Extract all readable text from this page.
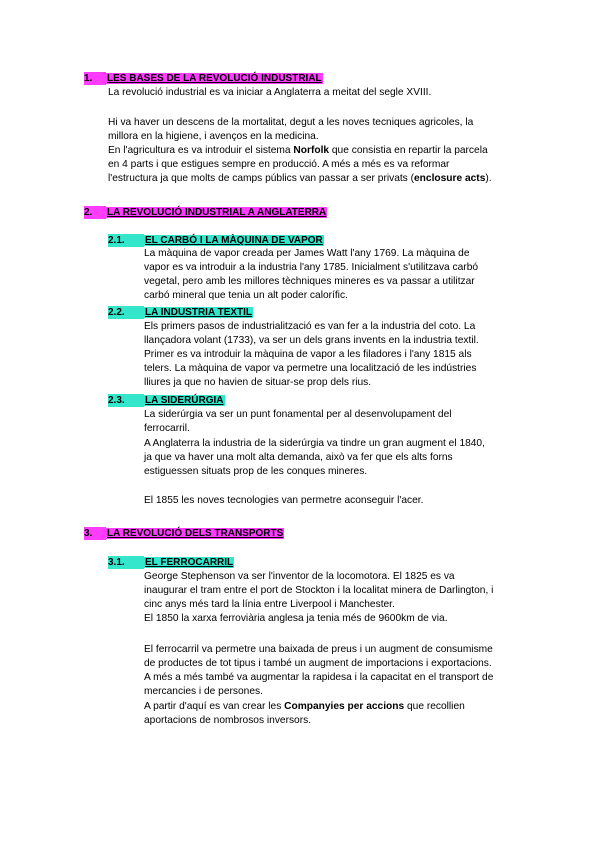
1. LES BASES DE LA REVOLUCIÓ INDUSTRIAL

La revolució industrial es va iniciar a Anglaterra a meitat del segle XVIII.

Hi va haver un descens de la mortalitat, degut a les noves tecniques agricoles, la

millora en la higiene, i avenços en la medicina.

En l'agricultura es va introduir el sistema Norfolk que consistia en repartir la parcela

en 4 parts i que estigues sempre en producció. A més a més es va reformar

l'estructura ja que molts de camps públics van passar a ser privats (enclosure acts).

2. LA REVOLUCIÓ INDUSTRIAL A ANGLATERRA
2.1. EL CARBÓ I LA MÀQUINA DE VAPOR

La màquina de vapor creada per James Watt l'any 1769. La màquina de

vapor es va introduir a la industria l'any 1785. Inicialment s'utilitzava carbó

vegetal, pero amb les millores tèchniques mineres es va passar a utilitzar

carbó mineral que tenia un alt poder calorífic.

2.2. LA INDUSTRIA TEXTIL

Els primers pasos de industrialització es van fer a la industria del coto. La

llançadora volant (1733), va ser un dels grans invents en la industria textil.

Primer es va introduir la màquina de vapor a les filadores i l'any 1815 als

telers. La màquina de vapor va permetre una localització de les indústries

lliures ja que no havien de situar-se prop dels rius.

2.3. LA SIDERÚRGIA

La siderúrgia va ser un punt fonamental per al desenvolupament del

ferrocarril.

A Anglaterra la industria de la siderúrgia va tindre un gran augment el 1840,

ja que va haver una molt alta demanda, això va fer que els alts forns

estiguessen situats prop de les conques mineres.

El 1855 les noves tecnologies van permetre aconseguir l'acer.

3. LA REVOLUCIÓ DELS TRANSPORTS
3.1. EL FERROCARRIL

George Stephenson va ser l'inventor de la locomotora. El 1825 es va

inaugurar el tram entre el port de Stockton i la localitat minera de Darlington, i

cinc anys més tard la línia entre Liverpool i Manchester.

El 1850 la xarxa ferroviària anglesa ja tenia més de 9600km de via.

El ferrocarril va permetre una baixada de preus i un augment de consumisme

de productes de tot tipus i també un augment de importacions i exportacions.

A més a més també va augmentar la rapidesa i la capacitat en el transport de

mercancies i de persones.

A partir d'aquí es van crear les Companyies per accions que recollien

aportacions de nombrosos inversors.
